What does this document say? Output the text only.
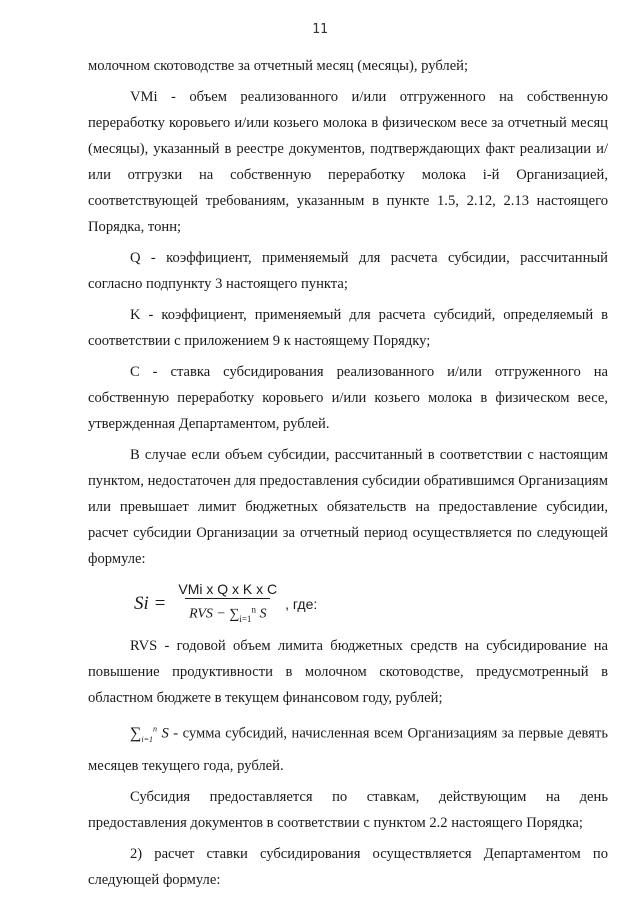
11

молочном скотоводстве за отчетный месяц (месяцы), рублей;

VMi - объем реализованного и/или отгруженного на собственную переработку коровьего и/или козьего молока в физическом весе за отчетный месяц (месяцы), указанный в реестре документов, подтверждающих факт реализации и/или отгрузки на собственную переработку молока i-й Организацией, соответствующей требованиям, указанным в пункте 1.5, 2.12, 2.13 настоящего Порядка, тонн;

Q - коэффициент, применяемый для расчета субсидии, рассчитанный согласно подпункту 3 настоящего пункта;

K - коэффициент, применяемый для расчета субсидий, определяемый в соответствии с приложением 9 к настоящему Порядку;

C - ставка субсидирования реализованного и/или отгруженного на собственную переработку коровьего и/или козьего молока в физическом весе, утвержденная Департаментом, рублей.

В случае если объем субсидии, рассчитанный в соответствии с настоящим пунктом, недостаточен для предоставления субсидии обратившимся Организациям или превышает лимит бюджетных обязательств на предоставление субсидии, расчет субсидии Организации за отчетный период осуществляется по следующей формуле:

$Si = \frac{\text{VMi x Q x K x C}}{RVS - \sum_{i=1}^n S}$ , где:

RVS - годовой объем лимита бюджетных средств на субсидирование на повышение продуктивности в молочном скотоводстве, предусмотренный в областном бюджете в текущем финансовом году, рублей;

$\sum_{i=1}^n$ S - сумма субсидий, начисленная всем Организациям за первые девять месяцев текущего года, рублей.

Субсидия предоставляется по ставкам, действующим на день предоставления документов в соответствии с пунктом 2.2 настоящего Порядка;

2) расчет ставки субсидирования осуществляется Департаментом по следующей формуле:
